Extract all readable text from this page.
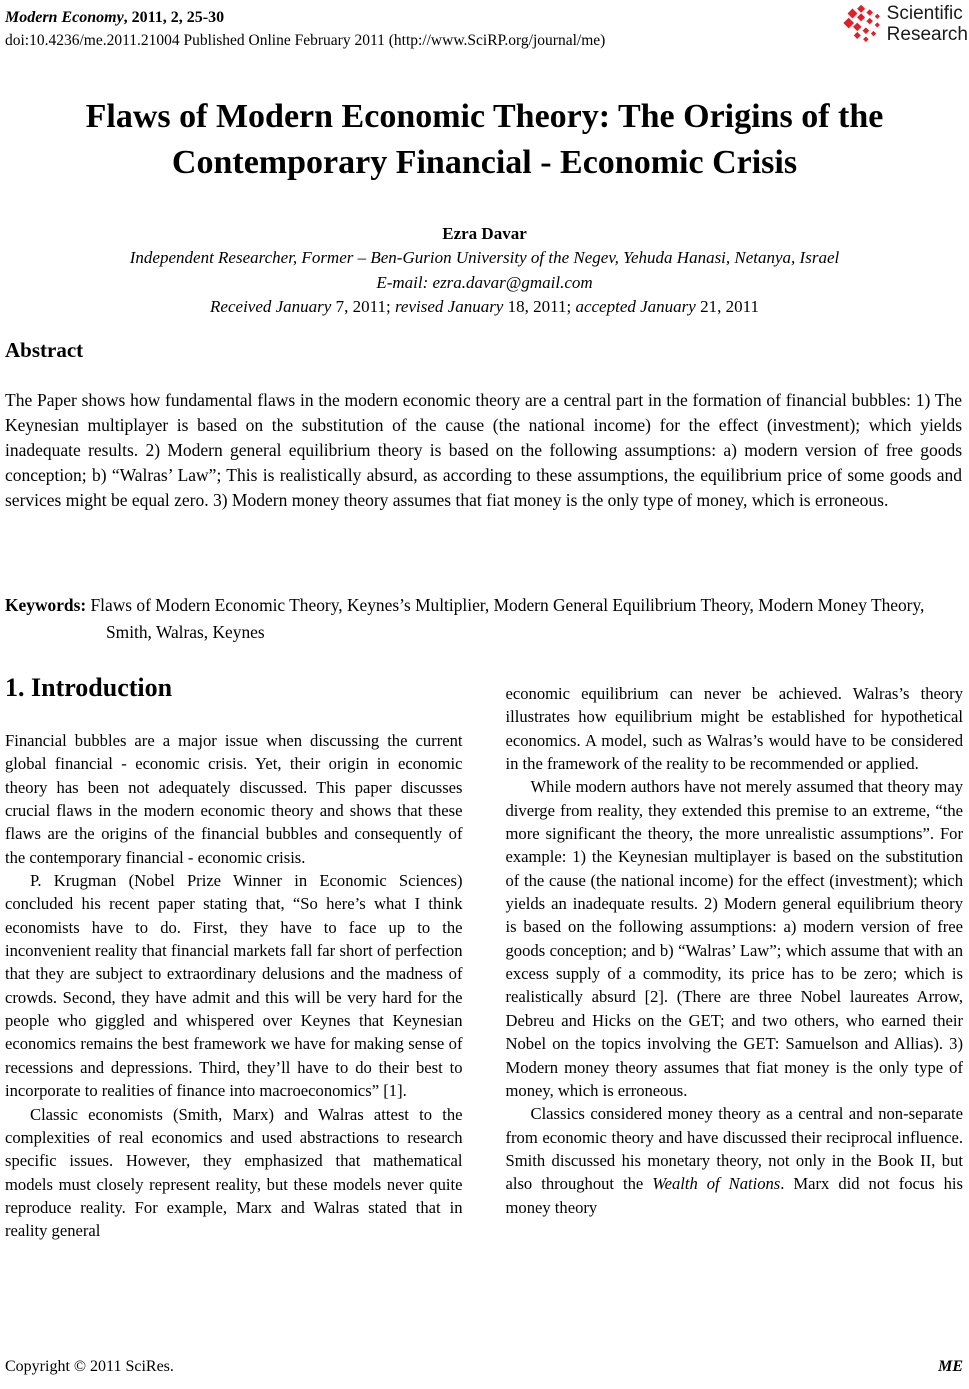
Modern Economy, 2011, 2, 25-30
doi:10.4236/me.2011.21004 Published Online February 2011 (http://www.SciRP.org/journal/me)
Scientific
Research
Flaws of Modern Economic Theory: The Origins of the Contemporary Financial - Economic Crisis
Ezra Davar
Independent Researcher, Former – Ben-Gurion University of the Negev, Yehuda Hanasi, Netanya, Israel
E-mail: ezra.davar@gmail.com
Received January 7, 2011; revised January 18, 2011; accepted January 21, 2011
Abstract
The Paper shows how fundamental flaws in the modern economic theory are a central part in the formation of financial bubbles: 1) The Keynesian multiplayer is based on the substitution of the cause (the national income) for the effect (investment); which yields inadequate results. 2) Modern general equilibrium theory is based on the following assumptions: a) modern version of free goods conception; b) “Walras’ Law”; This is realistically absurd, as according to these assumptions, the equilibrium price of some goods and services might be equal zero. 3) Modern money theory assumes that fiat money is the only type of money, which is erroneous.
Keywords: Flaws of Modern Economic Theory, Keynes’s Multiplier, Modern General Equilibrium Theory, Modern Money Theory, Smith, Walras, Keynes
1. Introduction

Financial bubbles are a major issue when discussing the current global financial - economic crisis. Yet, their origin in economic theory has been not adequately discussed. This paper discusses crucial flaws in the modern economic theory and shows that these flaws are the origins of the financial bubbles and consequently of the contemporary financial - economic crisis.

P. Krugman (Nobel Prize Winner in Economic Sciences) concluded his recent paper stating that, “So here’s what I think economists have to do. First, they have to face up to the inconvenient reality that financial markets fall far short of perfection that they are subject to extraordinary delusions and the madness of crowds. Second, they have admit and this will be very hard for the people who giggled and whispered over Keynes that Keynesian economics remains the best framework we have for making sense of recessions and depressions. Third, they’ll have to do their best to incorporate to realities of finance into macroeconomics” [1].

Classic economists (Smith, Marx) and Walras attest to the complexities of real economics and used abstractions to research specific issues. However, they emphasized that mathematical models must closely represent reality, but these models never quite reproduce reality. For example, Marx and Walras stated that in reality general

economic equilibrium can never be achieved. Walras’s theory illustrates how equilibrium might be established for hypothetical economics. A model, such as Walras’s would have to be considered in the framework of the reality to be recommended or applied.

While modern authors have not merely assumed that theory may diverge from reality, they extended this premise to an extreme, “the more significant the theory, the more unrealistic assumptions”. For example: 1) the Keynesian multiplayer is based on the substitution of the cause (the national income) for the effect (investment); which yields an inadequate results. 2) Modern general equilibrium theory is based on the following assumptions: a) modern version of free goods conception; and b) “Walras’ Law”; which assume that with an excess supply of a commodity, its price has to be zero; which is realistically absurd [2]. (There are three Nobel laureates Arrow, Debreu and Hicks on the GET; and two others, who earned their Nobel on the topics involving the GET: Samuelson and Allias). 3) Modern money theory assumes that fiat money is the only type of money, which is erroneous.

Classics considered money theory as a central and non-separate from economic theory and have discussed their reciprocal influence. Smith discussed his monetary theory, not only in the Book II, but also throughout the Wealth of Nations. Marx did not focus his money theory

Copyright © 2011 SciRes.	ME
